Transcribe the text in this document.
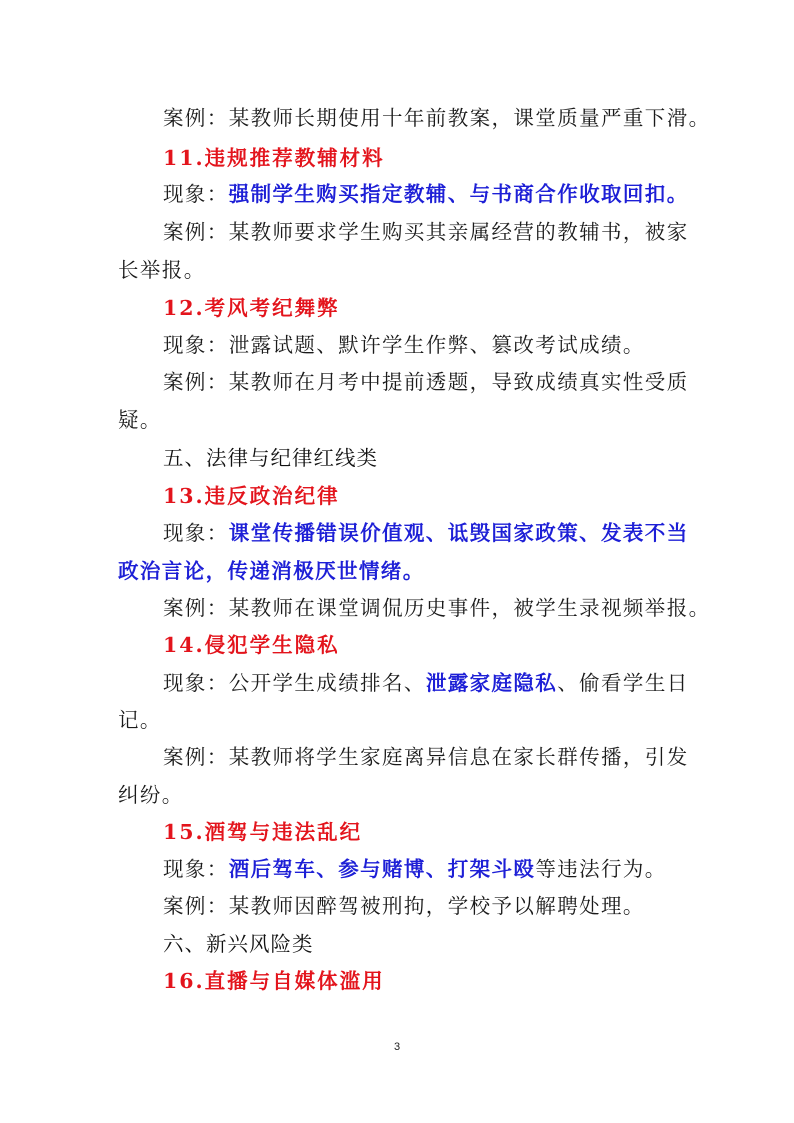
案例：某教师长期使用十年前教案，课堂质量严重下滑。
11.违规推荐教辅材料
现象：强制学生购买指定教辅、与书商合作收取回扣。
案例：某教师要求学生购买其亲属经营的教辅书，被家
长举报。
12.考风考纪舞弊
现象：泄露试题、默许学生作弊、篡改考试成绩。
案例：某教师在月考中提前透题，导致成绩真实性受质
疑。
五、法律与纪律红线类
13.违反政治纪律
现象：课堂传播错误价值观、诋毁国家政策、发表不当
政治言论，传递消极厌世情绪。
案例：某教师在课堂调侃历史事件，被学生录视频举报。
14.侵犯学生隐私
现象：公开学生成绩排名、泄露家庭隐私、偷看学生日
记。
案例：某教师将学生家庭离异信息在家长群传播，引发
纠纷。
15.酒驾与违法乱纪
现象：酒后驾车、参与赌博、打架斗殴等违法行为。
案例：某教师因醉驾被刑拘，学校予以解聘处理。
六、新兴风险类
16.直播与自媒体滥用
3
